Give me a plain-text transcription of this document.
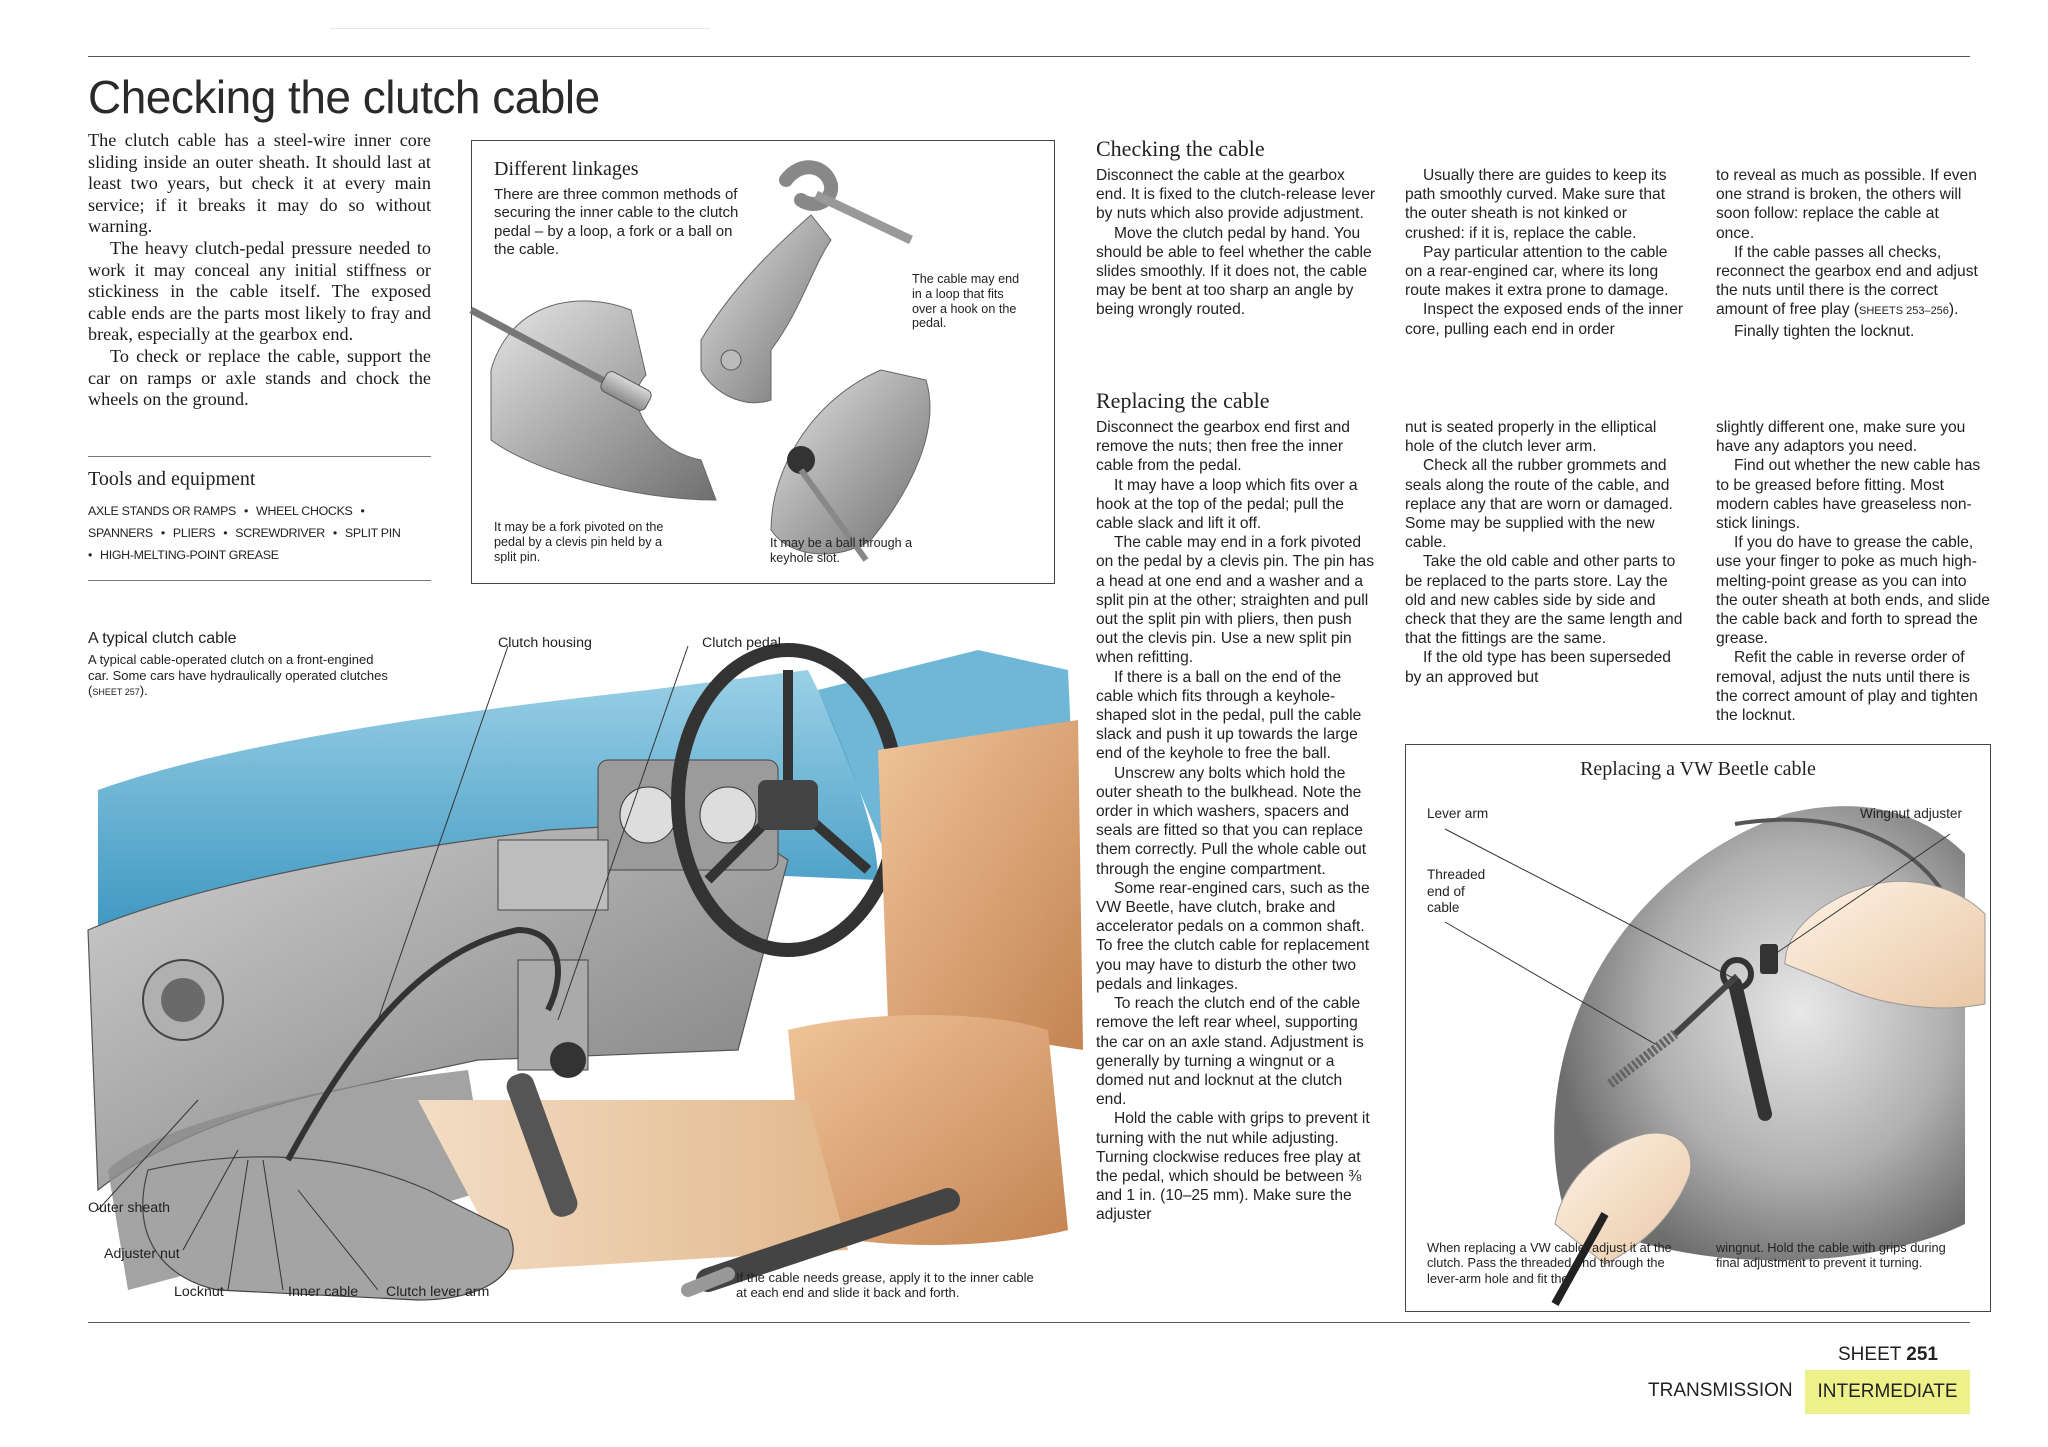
Checking the clutch cable

The clutch cable has a steel-wire inner core sliding inside an outer sheath. It should last at least two years, but check it at every main service; if it breaks it may do so without warning.

The heavy clutch-pedal pressure needed to work it may conceal any initial stiffness or stickiness in the cable itself. The exposed cable ends are the parts most likely to fray and break, especially at the gearbox end.

To check or replace the cable, support the car on ramps or axle stands and chock the wheels on the ground.

Tools and equipment
AXLE STANDS OR RAMPS • WHEEL CHOCKS •
SPANNERS • PLIERS • SCREWDRIVER • SPLIT PIN
• HIGH-MELTING-POINT GREASE
Different linkages
There are three common methods of securing the inner cable to the clutch pedal – by a loop, a fork or a ball on the cable.
The cable may end in a loop that fits over a hook on the pedal.
It may be a fork pivoted on the pedal by a clevis pin held by a split pin.
It may be a ball through a keyhole slot.
A typical clutch cable
A typical cable-operated clutch on a front-engined car. Some cars have hydraulically operated clutches (SHEET 257).
Clutch housing	Clutch pedal
Outer sheath
Adjuster nut
Locknut	Inner cable Clutch lever arm
If the cable needs grease, apply it to the inner cable at each end and slide it back and forth.
Checking the cable

Disconnect the cable at the gearbox end. It is fixed to the clutch-release lever by nuts which also provide adjustment.

Move the clutch pedal by hand. You should be able to feel whether the cable slides smoothly. If it does not, the cable may be bent at too sharp an angle by being wrongly routed.

Usually there are guides to keep its path smoothly curved. Make sure that the outer sheath is not kinked or crushed: if it is, replace the cable.

Pay particular attention to the cable on a rear-engined car, where its long route makes it extra prone to damage.

Inspect the exposed ends of the inner core, pulling each end in order

to reveal as much as possible. If even one strand is broken, the others will soon follow: replace the cable at once.

If the cable passes all checks, reconnect the gearbox end and adjust the nuts until there is the correct amount of free play (SHEETS 253–256).

Finally tighten the locknut.

Replacing the cable

Disconnect the gearbox end first and remove the nuts; then free the inner cable from the pedal.

It may have a loop which fits over a hook at the top of the pedal; pull the cable slack and lift it off.

The cable may end in a fork pivoted on the pedal by a clevis pin. The pin has a head at one end and a washer and a split pin at the other; straighten and pull out the split pin with pliers, then push out the clevis pin. Use a new split pin when refitting.

If there is a ball on the end of the cable which fits through a keyhole-shaped slot in the pedal, pull the cable slack and push it up towards the large end of the keyhole to free the ball.

Unscrew any bolts which hold the outer sheath to the bulkhead. Note the order in which washers, spacers and seals are fitted so that you can replace them correctly. Pull the whole cable out through the engine compartment.

Some rear-engined cars, such as the VW Beetle, have clutch, brake and accelerator pedals on a common shaft. To free the clutch cable for replacement you may have to disturb the other two pedals and linkages.

To reach the clutch end of the cable remove the left rear wheel, supporting the car on an axle stand. Adjustment is generally by turning a wingnut or a domed nut and locknut at the clutch end.

Hold the cable with grips to prevent it turning with the nut while adjusting. Turning clockwise reduces free play at the pedal, which should be between ⅜ and 1 in. (10–25 mm). Make sure the adjuster

nut is seated properly in the elliptical hole of the clutch lever arm.

Check all the rubber grommets and seals along the route of the cable, and replace any that are worn or damaged. Some may be supplied with the new cable.

Take the old cable and other parts to be replaced to the parts store. Lay the old and new cables side by side and check that they are the same length and that the fittings are the same.

If the old type has been superseded by an approved but

slightly different one, make sure you have any adaptors you need.

Find out whether the new cable has to be greased before fitting. Most modern cables have greaseless non-stick linings.

If you do have to grease the cable, use your finger to poke as much high-melting-point grease as you can into the outer sheath at both ends, and slide the cable back and forth to spread the grease.

Refit the cable in reverse order of removal, adjust the nuts until there is the correct amount of play and tighten the locknut.

Replacing a VW Beetle cable
Lever arm	Wingnut adjuster
Threaded end of cable
When replacing a VW cable, adjust it at the clutch. Pass the threaded end through the lever-arm hole and fit the
wingnut. Hold the cable with grips during final adjustment to prevent it turning.
SHEET 251
TRANSMISSION	INTERMEDIATE
